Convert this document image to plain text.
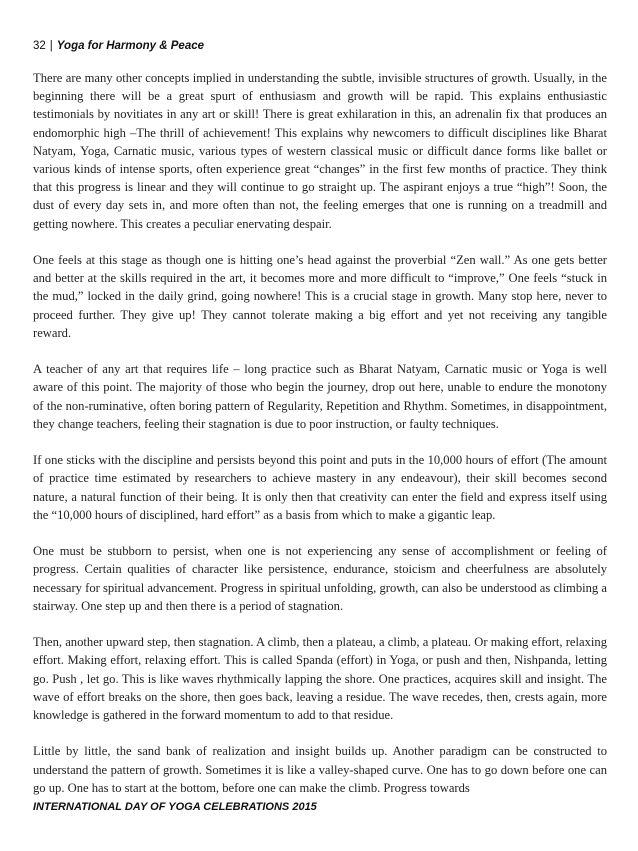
32 | Yoga for Harmony & Peace

There are many other concepts implied in understanding the subtle, invisible structures of growth. Usually, in the beginning there will be a great spurt of enthusiasm and growth will be rapid. This explains enthusiastic testimonials by novitiates in any art or skill! There is great exhilaration in this, an adrenalin fix that produces an endomorphic high –The thrill of achievement! This explains why newcomers to difficult disciplines like Bharat Natyam, Yoga, Carnatic music, various types of western classical music or difficult dance forms like ballet or various kinds of intense sports, often experience great “changes” in the first few months of practice. They think that this progress is linear and they will continue to go straight up. The aspirant enjoys a true “high”! Soon, the dust of every day sets in, and more often than not, the feeling emerges that one is running on a treadmill and getting nowhere. This creates a peculiar enervating despair.

One feels at this stage as though one is hitting one’s head against the proverbial “Zen wall.” As one gets better and better at the skills required in the art, it becomes more and more difficult to “improve,” One feels “stuck in the mud,” locked in the daily grind, going nowhere! This is a crucial stage in growth. Many stop here, never to proceed further. They give up! They cannot tolerate making a big effort and yet not receiving any tangible reward.

A teacher of any art that requires life – long practice such as Bharat Natyam, Carnatic music or Yoga is well aware of this point. The majority of those who begin the journey, drop out here, unable to endure the monotony of the non-ruminative, often boring pattern of Regularity, Repetition and Rhythm. Sometimes, in disappointment, they change teachers, feeling their stagnation is due to poor instruction, or faulty techniques.

If one sticks with the discipline and persists beyond this point and puts in the 10,000 hours of effort (The amount of practice time estimated by researchers to achieve mastery in any endeavour), their skill becomes second nature, a natural function of their being. It is only then that creativity can enter the field and express itself using the “10,000 hours of disciplined, hard effort” as a basis from which to make a gigantic leap.

One must be stubborn to persist, when one is not experiencing any sense of accomplishment or feeling of progress. Certain qualities of character like persistence, endurance, stoicism and cheerfulness are absolutely necessary for spiritual advancement. Progress in spiritual unfolding, growth, can also be understood as climbing a stairway. One step up and then there is a period of stagnation.

Then, another upward step, then stagnation. A climb, then a plateau, a climb, a plateau. Or making effort, relaxing effort. Making effort, relaxing effort. This is called Spanda (effort) in Yoga, or push and then, Nishpanda, letting go. Push , let go. This is like waves rhythmically lapping the shore. One practices, acquires skill and insight. The wave of effort breaks on the shore, then goes back, leaving a residue. The wave recedes, then, crests again, more knowledge is gathered in the forward momentum to add to that residue.

Little by little, the sand bank of realization and insight builds up. Another paradigm can be constructed to understand the pattern of growth. Sometimes it is like a valley-shaped curve. One has to go down before one can go up. One has to start at the bottom, before one can make the climb. Progress towards

INTERNATIONAL DAY OF YOGA CELEBRATIONS 2015
